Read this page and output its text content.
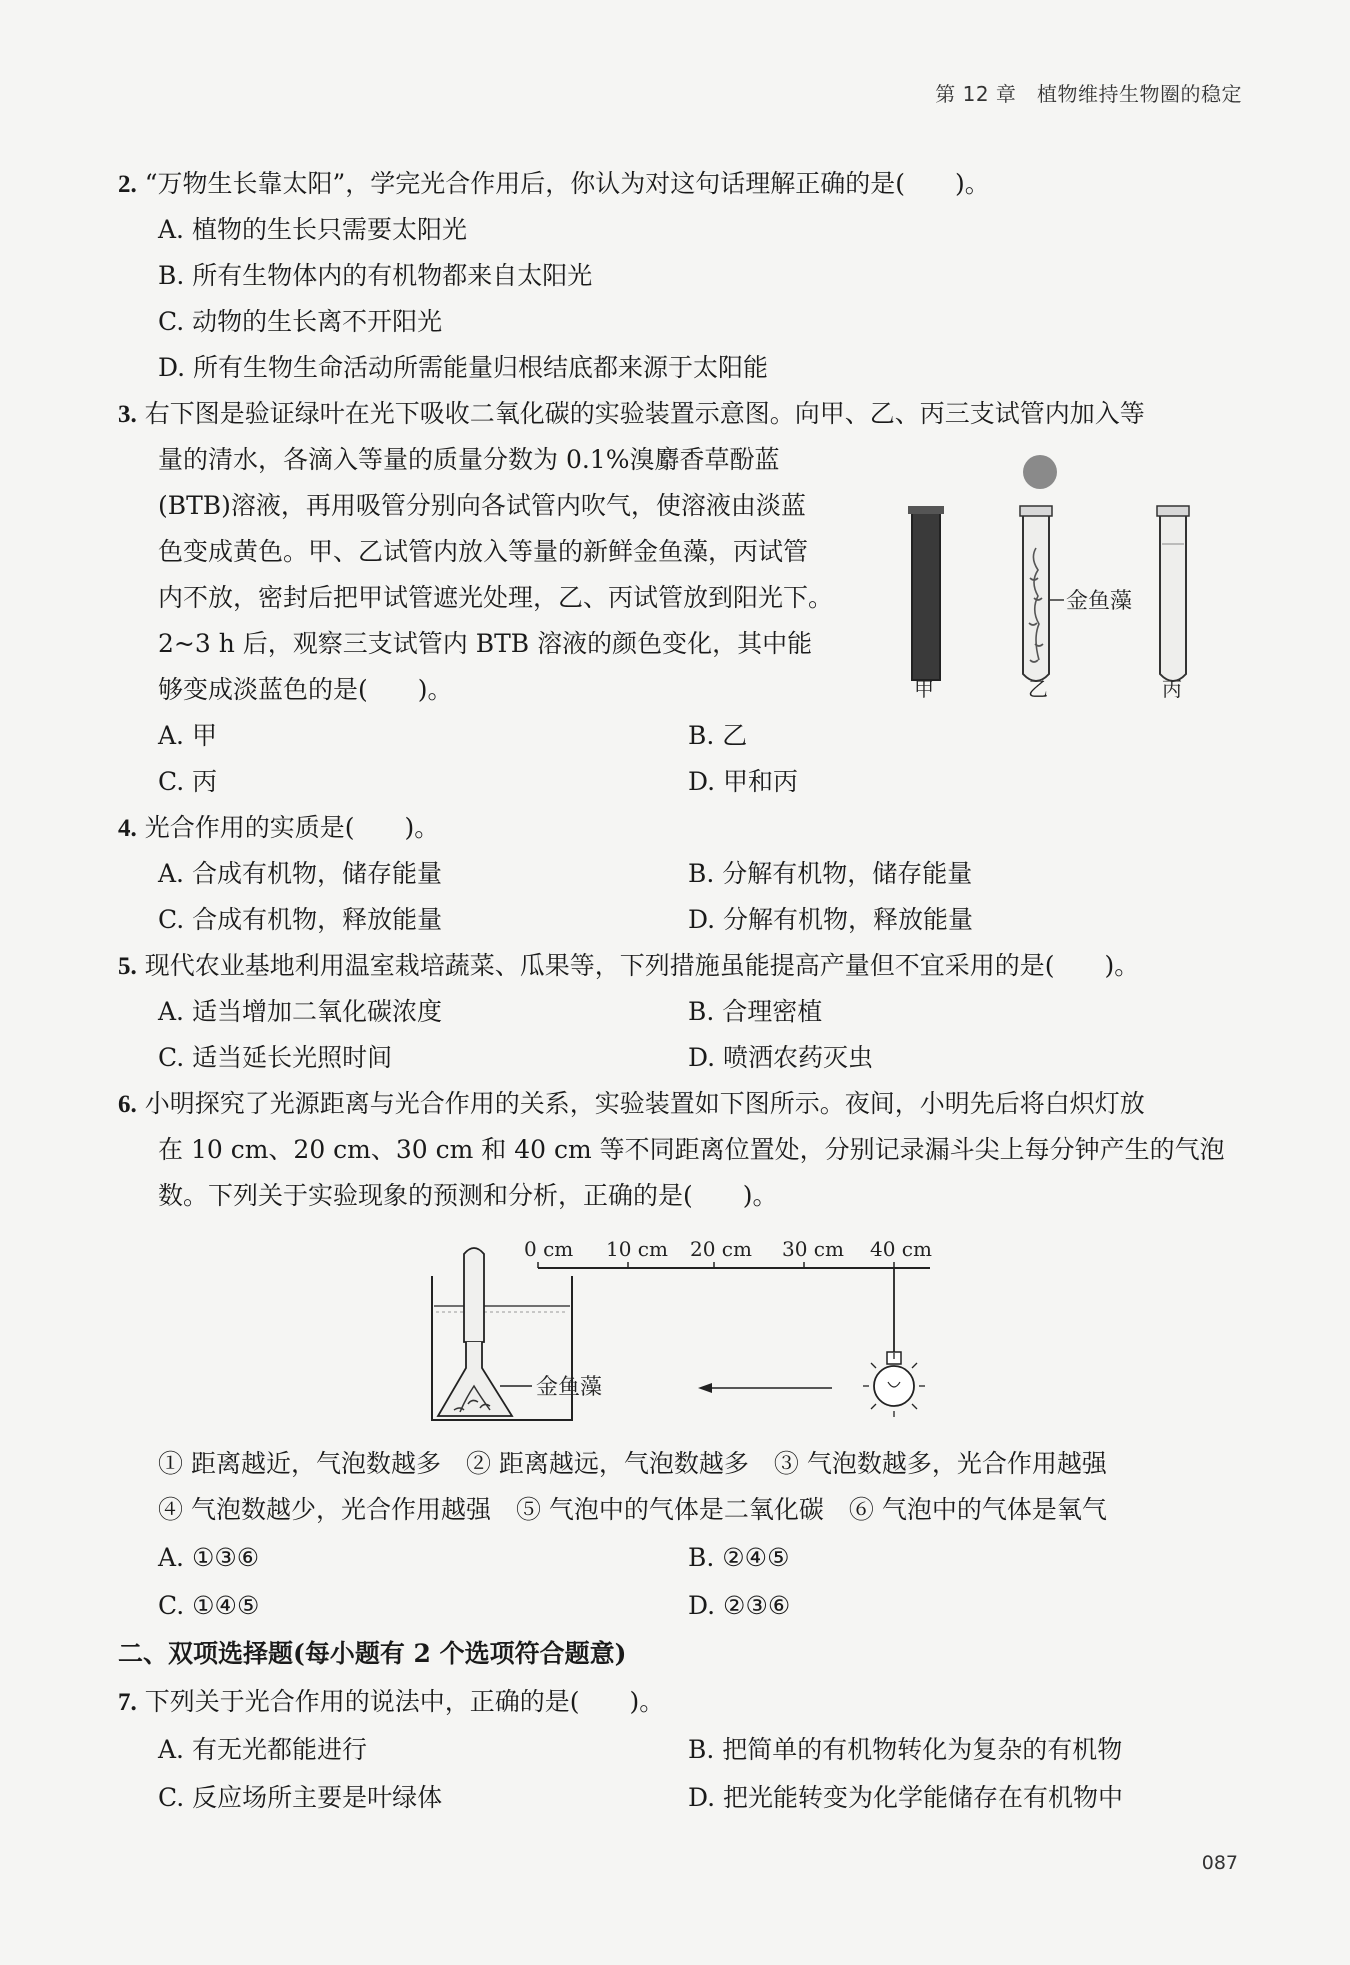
第 12 章 植物维持生物圈的稳定
2. “万物生长靠太阳”，学完光合作用后，你认为对这句话理解正确的是(　　)。
A. 植物的生长只需要太阳光
B. 所有生物体内的有机物都来自太阳光
C. 动物的生长离不开阳光
D. 所有生物生命活动所需能量归根结底都来源于太阳能
3. 右下图是验证绿叶在光下吸收二氧化碳的实验装置示意图。向甲、乙、丙三支试管内加入等
量的清水，各滴入等量的质量分数为 0.1%溴麝香草酚蓝
(BTB)溶液，再用吸管分别向各试管内吹气，使溶液由淡蓝
色变成黄色。甲、乙试管内放入等量的新鲜金鱼藻，丙试管
内不放，密封后把甲试管遮光处理，乙、丙试管放到阳光下。
2~3 h 后，观察三支试管内 BTB 溶液的颜色变化，其中能
够变成淡蓝色的是(　　)。
金鱼藻
甲	乙	丙
A. 甲	B. 乙
C. 丙	D. 甲和丙
4. 光合作用的实质是(　　)。
A. 合成有机物，储存能量	B. 分解有机物，储存能量
C. 合成有机物，释放能量	D. 分解有机物，释放能量
5. 现代农业基地利用温室栽培蔬菜、瓜果等，下列措施虽能提高产量但不宜采用的是(　　)。
A. 适当增加二氧化碳浓度	B. 合理密植
C. 适当延长光照时间	D. 喷洒农药灭虫
6. 小明探究了光源距离与光合作用的关系，实验装置如下图所示。夜间，小明先后将白炽灯放
在 10 cm、20 cm、30 cm 和 40 cm 等不同距离位置处，分别记录漏斗尖上每分钟产生的气泡
数。下列关于实验现象的预测和分析，正确的是(　　)。
0 cm 10 cm 20 cm 30 cm 40 cm
金鱼藻
① 距离越近，气泡数越多　② 距离越远，气泡数越多　③ 气泡数越多，光合作用越强
④ 气泡数越少，光合作用越强　⑤ 气泡中的气体是二氧化碳　⑥ 气泡中的气体是氧气
A. ①③⑥	B. ②④⑤
C. ①④⑤	D. ②③⑥
二、双项选择题(每小题有 2 个选项符合题意)
7. 下列关于光合作用的说法中，正确的是(　　)。
A. 有无光都能进行	B. 把简单的有机物转化为复杂的有机物
C. 反应场所主要是叶绿体	D. 把光能转变为化学能储存在有机物中
087
